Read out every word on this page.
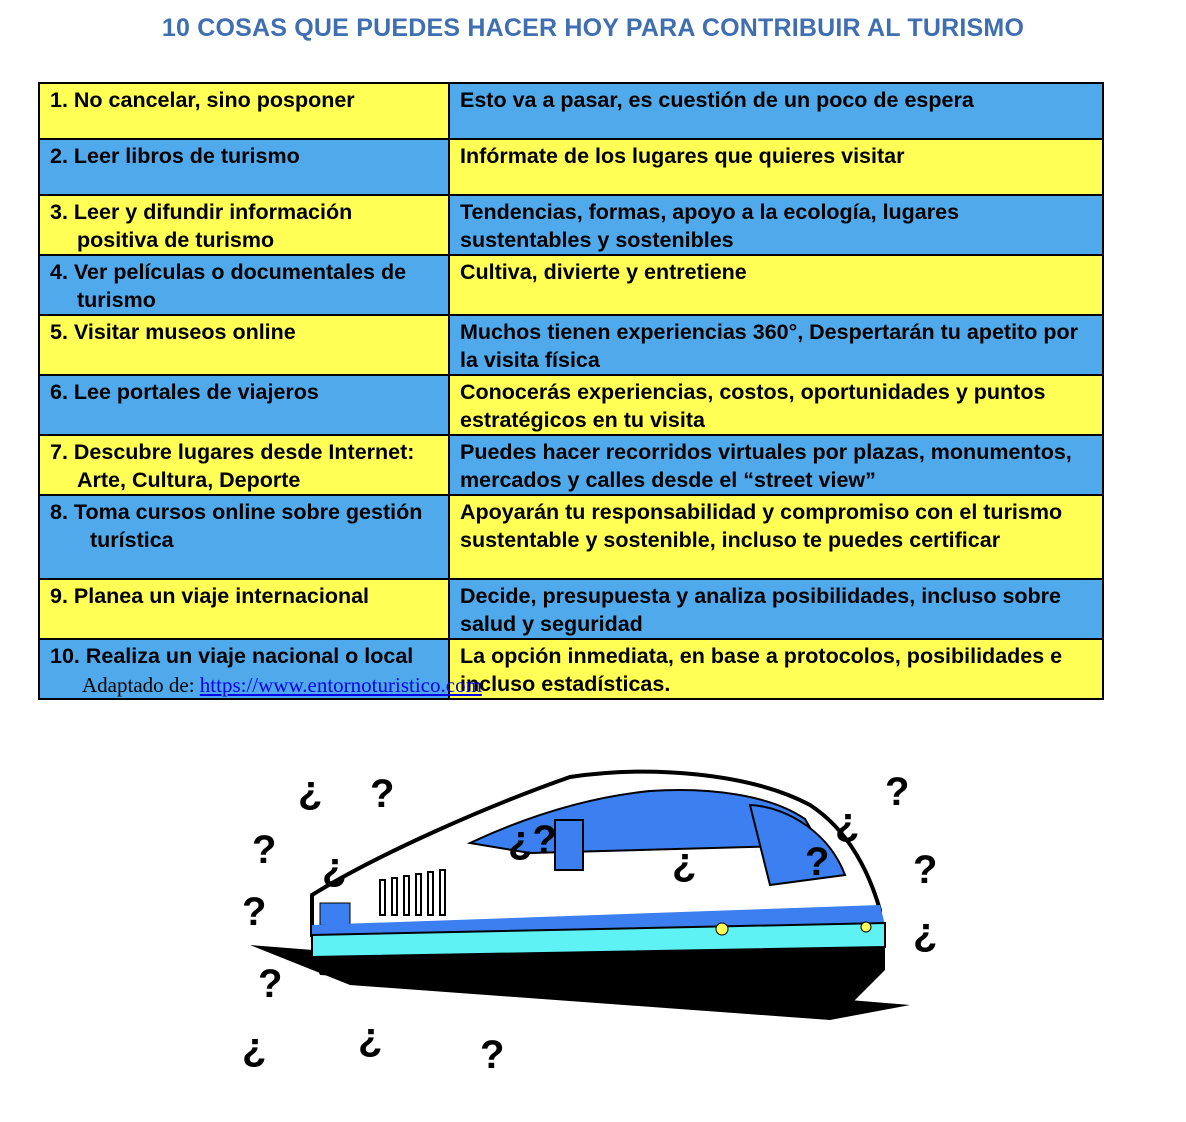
10 COSAS QUE PUEDES HACER HOY PARA CONTRIBUIR AL TURISMO
1. No cancelar, sino posponer	Esto va a pasar, es cuestión de un poco de espera
2. Leer libros de turismo	Infórmate de los lugares que quieres visitar

3. Leer y difundir información positiva de turismo	Tendencias, formas, apoyo a la ecología, lugares sustentables y sostenibles

4. Ver películas o documentales de turismo	Cultiva, divierte y entretiene
5. Visitar museos online	Muchos tienen experiencias 360°, Despertarán tu apetito por la visita física
6. Lee portales de viajeros	Conocerás experiencias, costos, oportunidades y puntos estratégicos en tu visita

7. Descubre lugares desde Internet: Arte, Cultura, Deporte	Puedes hacer recorridos virtuales por plazas, monumentos, mercados y calles desde el “street view”

8. Toma cursos online sobre gestión turística	Apoyarán tu responsabilidad y compromiso con el turismo sustentable y sostenible, incluso te puedes certificar
9. Planea un viaje internacional	Decide, presupuesta y analiza posibilidades, incluso sobre salud y seguridad

10. Realiza un viaje nacional o local	La opción inmediata, en base a protocolos, posibilidades e incluso estadísticas.
Adaptado de: https://www.entornoturistico.com
¿ ?
? ¿
?
¿?	¿	?
¿
?
?
¿
¿
?
¿ ?
